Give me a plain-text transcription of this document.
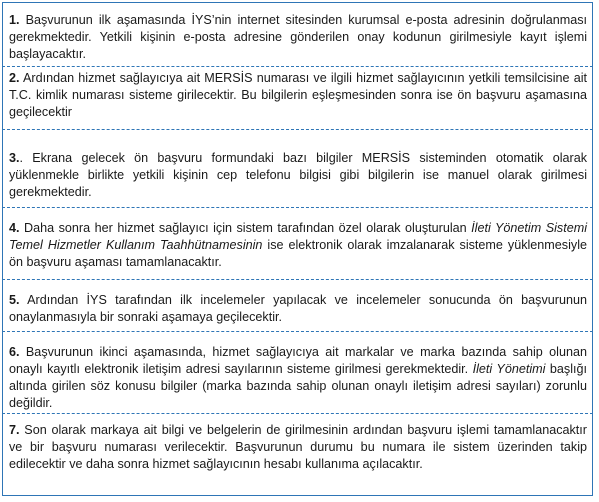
1. Başvurunun ilk aşamasında İYS’nin internet sitesinden kurumsal e-posta adresinin doğrulanması gerekmektedir. Yetkili kişinin e-posta adresine gönderilen onay kodunun girilmesiyle kayıt işlemi başlayacaktır.

2. Ardından hizmet sağlayıcıya ait MERSİS numarası ve ilgili hizmet sağlayıcının yetkili temsilcisine ait T.C. kimlik numarası sisteme girilecektir. Bu bilgilerin eşleşmesinden sonra ise ön başvuru aşamasına geçilecektir

3.. Ekrana gelecek ön başvuru formundaki bazı bilgiler MERSİS sisteminden otomatik olarak yüklenmekle birlikte yetkili kişinin cep telefonu bilgisi gibi bilgilerin ise manuel olarak girilmesi gerekmektedir.

4. Daha sonra her hizmet sağlayıcı için sistem tarafından özel olarak oluşturulan İleti Yönetim Sistemi Temel Hizmetler Kullanım Taahhütnamesinin ise elektronik olarak imzalanarak sisteme yüklenmesiyle ön başvuru aşaması tamamlanacaktır.

5. Ardından İYS tarafından ilk incelemeler yapılacak ve incelemeler sonucunda ön başvurunun onaylanmasıyla bir sonraki aşamaya geçilecektir.

6. Başvurunun ikinci aşamasında, hizmet sağlayıcıya ait markalar ve marka bazında sahip olunan onaylı kayıtlı elektronik iletişim adresi sayılarının sisteme girilmesi gerekmektedir. İleti Yönetimi başlığı altında girilen söz konusu bilgiler (marka bazında sahip olunan onaylı iletişim adresi sayıları) zorunlu değildir.

7. Son olarak markaya ait bilgi ve belgelerin de girilmesinin ardından başvuru işlemi tamamlanacaktır ve bir başvuru numarası verilecektir. Başvurunun durumu bu numara ile sistem üzerinden takip edilecektir ve daha sonra hizmet sağlayıcının hesabı kullanıma açılacaktır.
